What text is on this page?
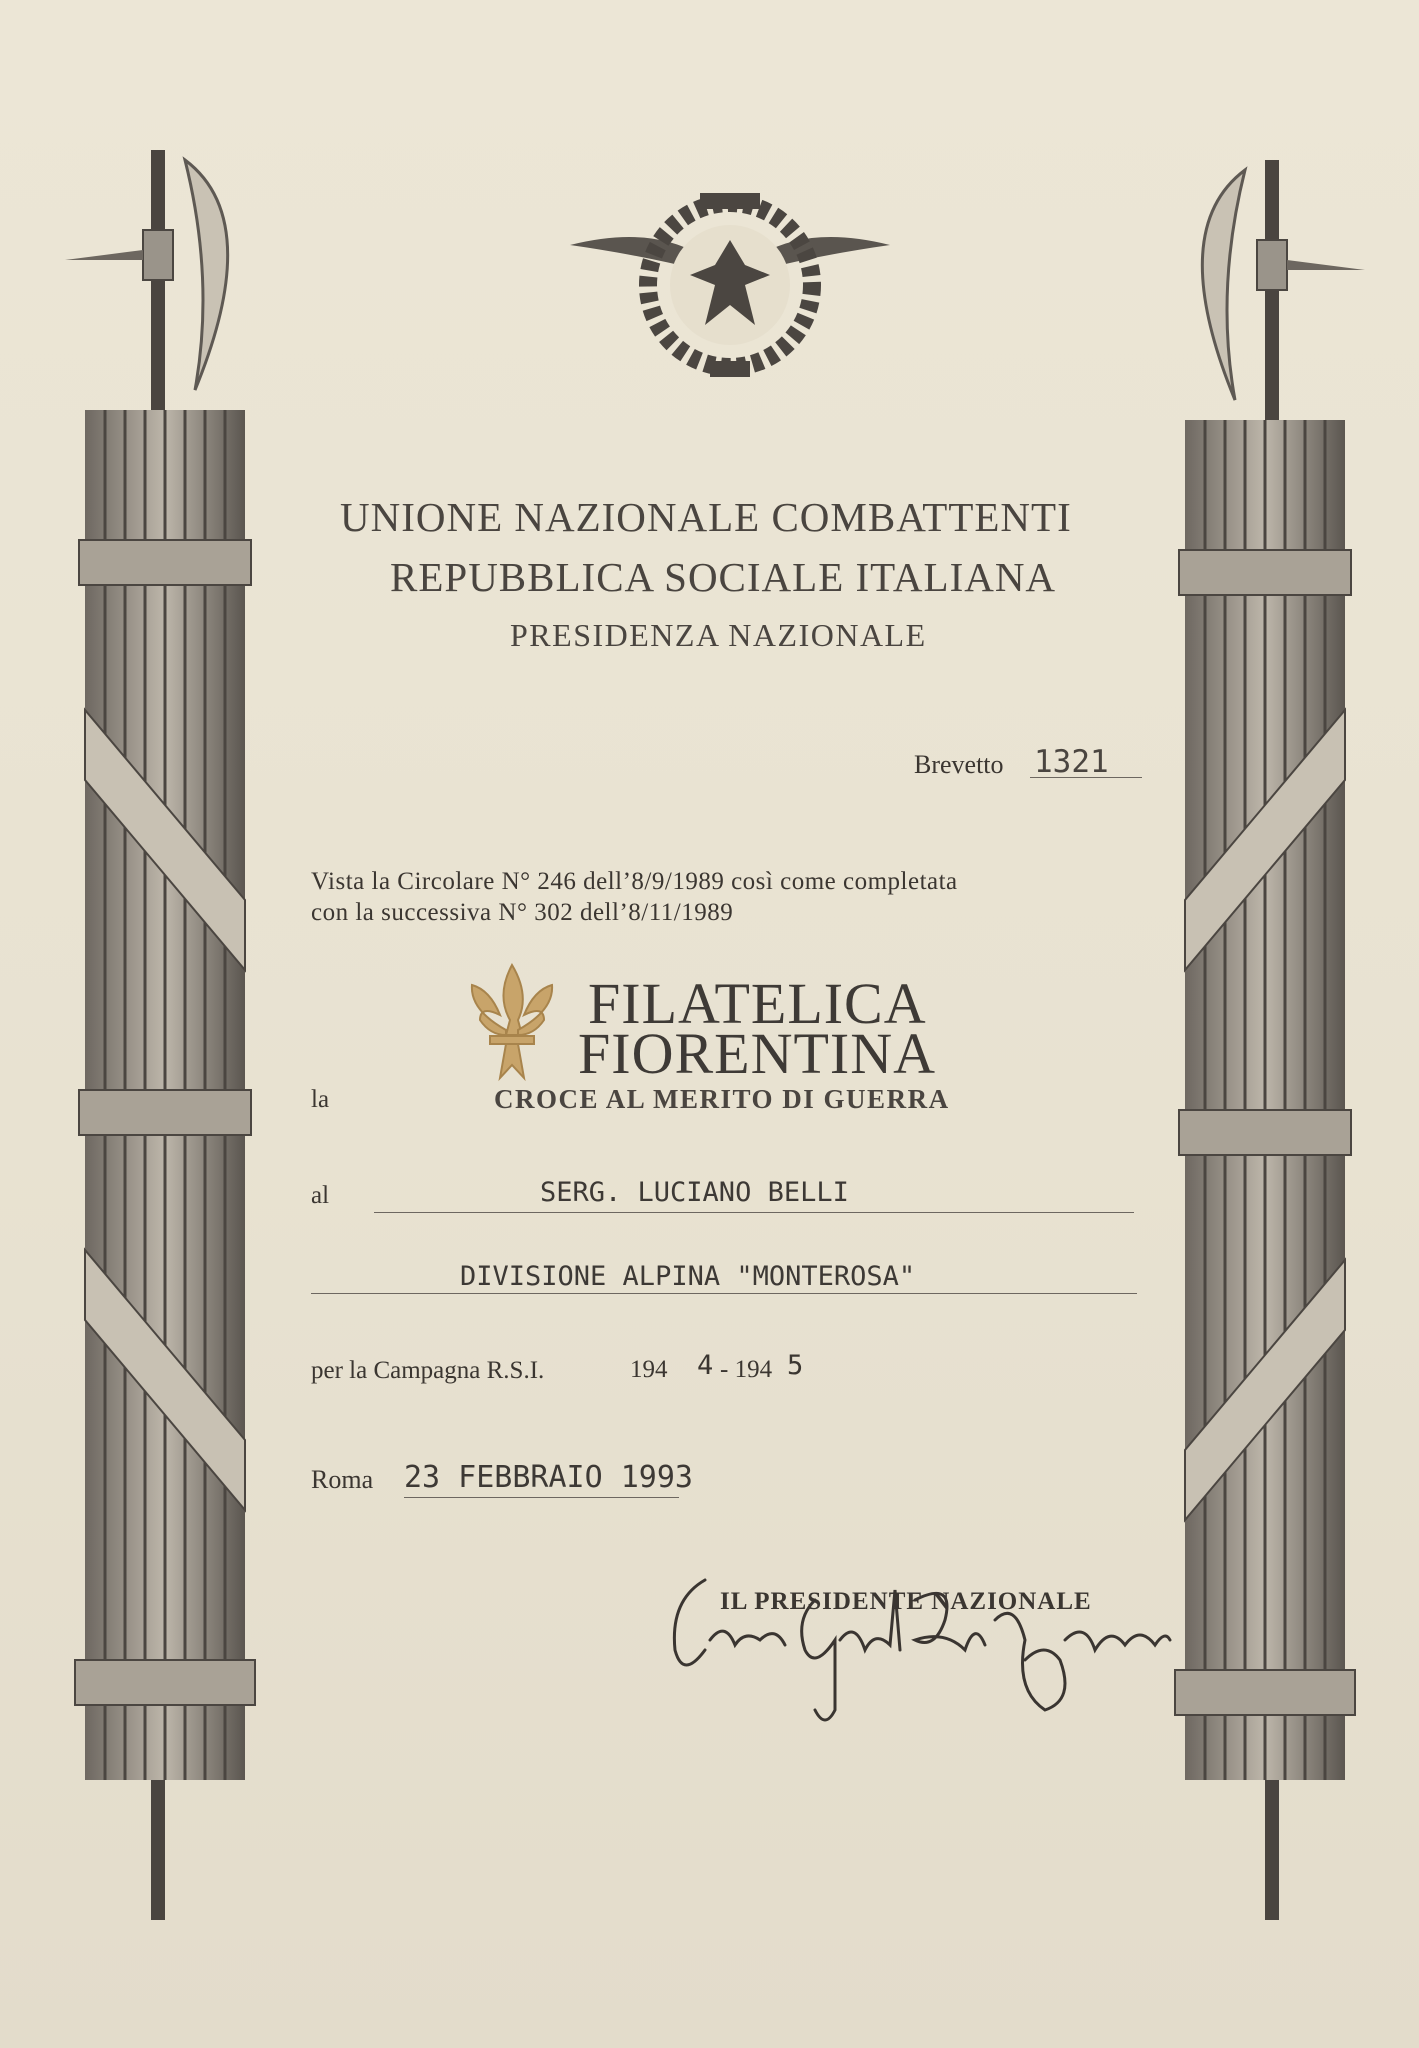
UNIONE NAZIONALE COMBATTENTI
REPUBBLICA SOCIALE ITALIANA
PRESIDENZA NAZIONALE
Brevetto 1321
Vista la Circolare N° 246 dell’8/9/1989 così come completata
con la successiva N° 302 dell’8/11/1989
FILATELICA
FIORENTINA
la	CROCE AL MERITO DI GUERRA
al	SERG. LUCIANO BELLI
DIVISIONE ALPINA "MONTEROSA"
per la Campagna R.S.I.	194 4 - 194 5
Roma 23 FEBBRAIO 1993
IL PRESIDENTE NAZIONALE
